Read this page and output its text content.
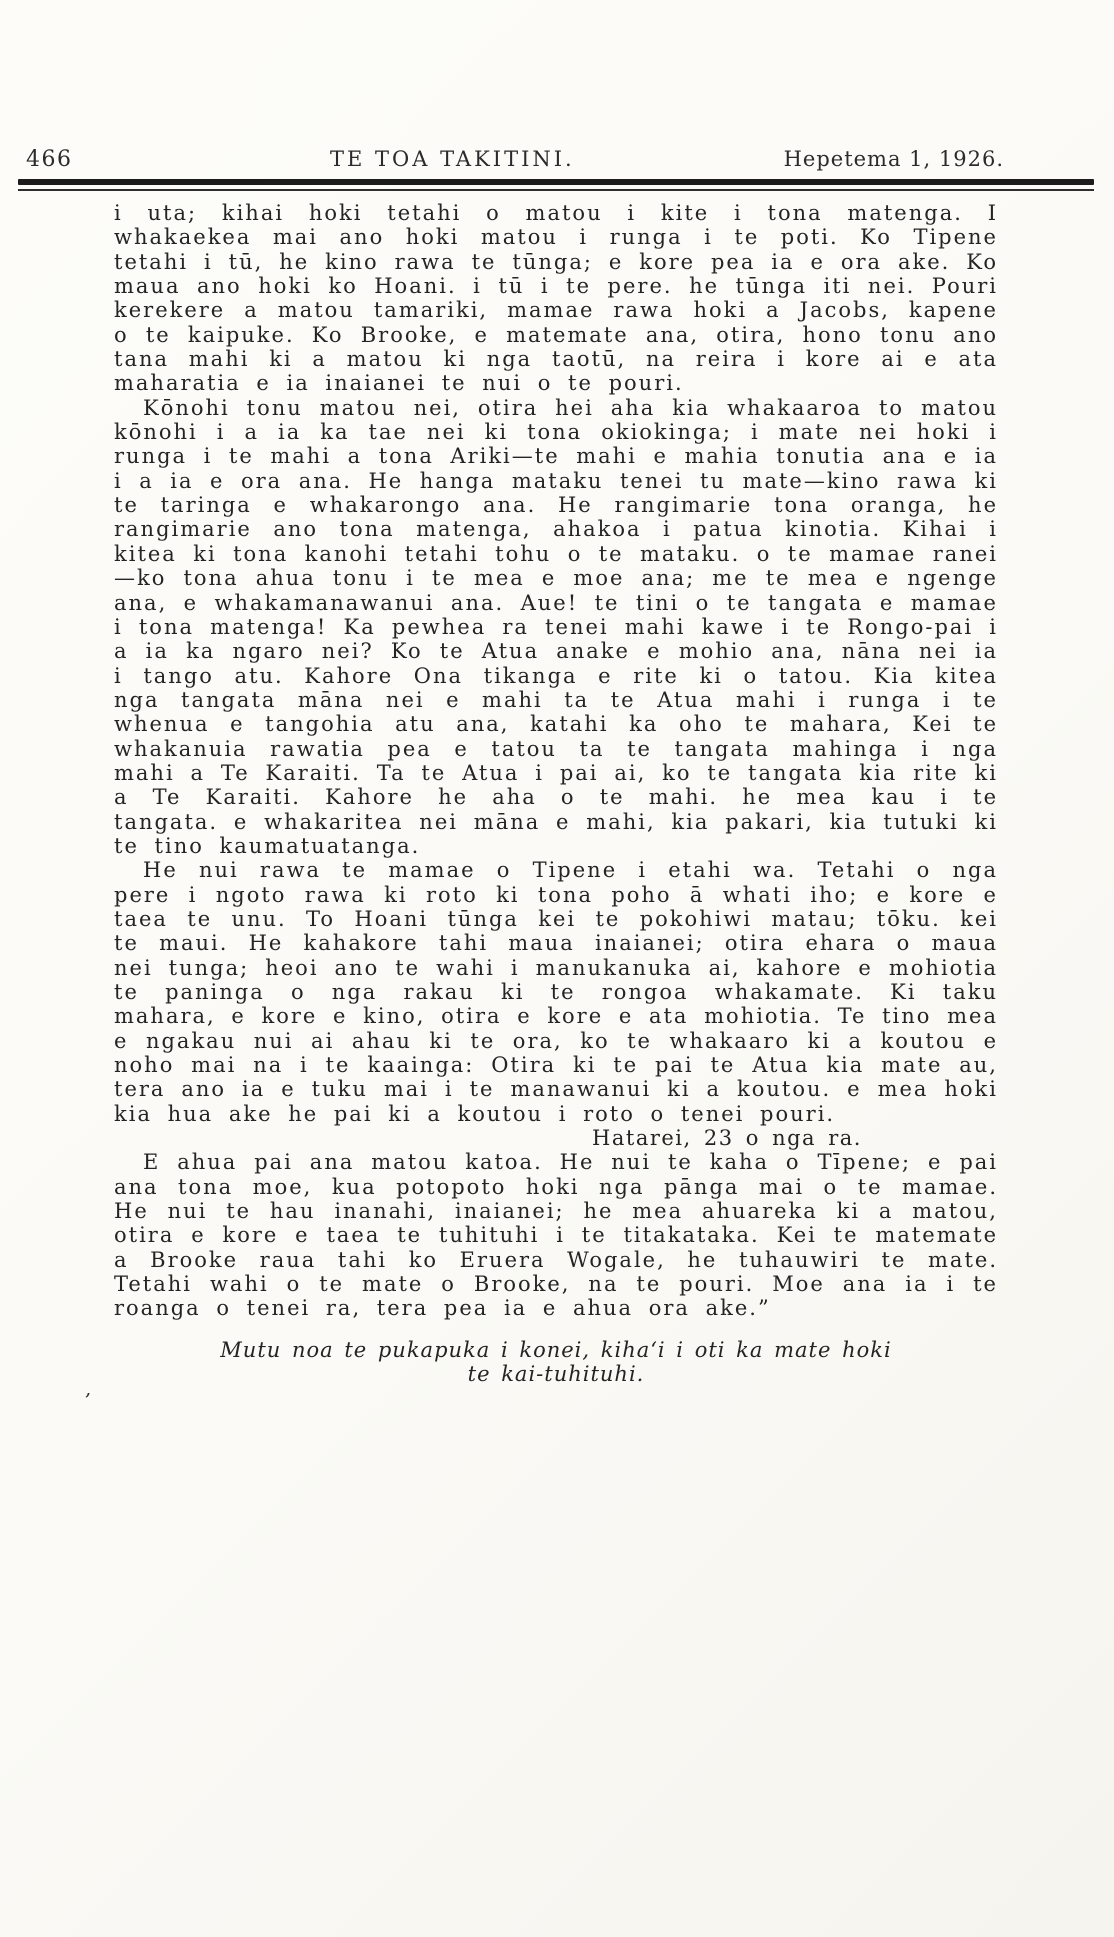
466	TE TOA TAKITINI.	Hepetema 1, 1926.

i uta; kihai hoki tetahi o matou i kite i tona matenga. I whakaekea mai ano hoki matou i runga i te poti. Ko Tipene tetahi i tū, he kino rawa te tūnga; e kore pea ia e ora ake. Ko maua ano hoki ko Hoani. i tū i te pere. he tūnga iti nei. Pouri kerekere a matou tamariki, mamae rawa hoki a Jacobs, kapene o te kaipuke. Ko Brooke, e matemate ana, otira, hono tonu ano tana mahi ki a matou ki nga taotū, na reira i kore ai e ata maharatia e ia inaianei te nui o te pouri.

Kōnohi tonu matou nei, otira hei aha kia whakaaroa to matou kōnohi i a ia ka tae nei ki tona okiokinga; i mate nei hoki i runga i te mahi a tona Ariki—te mahi e mahia tonutia ana e ia i a ia e ora ana. He hanga mataku tenei tu mate—kino rawa ki te taringa e whakarongo ana. He rangimarie tona oranga, he rangimarie ano tona matenga, ahakoa i patua kinotia. Kihai i kitea ki tona kanohi tetahi tohu o te mataku. o te mamae ranei—ko tona ahua tonu i te mea e moe ana; me te mea e ngenge ana, e whakamanawanui ana. Aue! te tini o te tangata e mamae i tona matenga! Ka pewhea ra tenei mahi kawe i te Rongo-pai i a ia ka ngaro nei? Ko te Atua anake e mohio ana, nāna nei ia i tango atu. Kahore Ona tikanga e rite ki o tatou. Kia kitea nga tangata māna nei e mahi ta te Atua mahi i runga i te whenua e tangohia atu ana, katahi ka oho te mahara, Kei te whakanuia rawatia pea e tatou ta te tangata mahinga i nga mahi a Te Karaiti. Ta te Atua i pai ai, ko te tangata kia rite ki a Te Karaiti. Kahore he aha o te mahi. he mea kau i te tangata. e whakaritea nei māna e mahi, kia pakari, kia tutuki ki te tino kaumatuatanga.

He nui rawa te mamae o Tipene i etahi wa. Tetahi o nga pere i ngoto rawa ki roto ki tona poho ā whati iho; e kore e taea te unu. To Hoani tūnga kei te pokohiwi matau; tōku. kei te maui. He kahakore tahi maua inaianei; otira ehara o maua nei tunga; heoi ano te wahi i manukanuka ai, kahore e mohiotia te paninga o nga rakau ki te rongoa whakamate. Ki taku mahara, e kore e kino, otira e kore e ata mohiotia. Te tino mea e ngakau nui ai ahau ki te ora, ko te whakaaro ki a koutou e noho mai na i te kaainga: Otira ki te pai te Atua kia mate au, tera ano ia e tuku mai i te manawanui ki a koutou. e mea hoki kia hua ake he pai ki a koutou i roto o tenei pouri.

Hatarei, 23 o nga ra.

E ahua pai ana matou katoa. He nui te kaha o Tīpene; e pai ana tona moe, kua potopoto hoki nga pānga mai o te mamae. He nui te hau inanahi, inaianei; he mea ahuareka ki a matou, otira e kore e taea te tuhituhi i te titakataka. Kei te matemate a Brooke raua tahi ko Eruera Wogale, he tuhauwiri te mate. Tetahi wahi o te mate o Brooke, na te pouri. Moe ana ia i te roanga o tenei ra, tera pea ia e ahua ora ake.”

Mutu noa te pukapuka i konei, kihaʻi i oti ka mate hoki
te kai-tuhituhi.

ʼ
